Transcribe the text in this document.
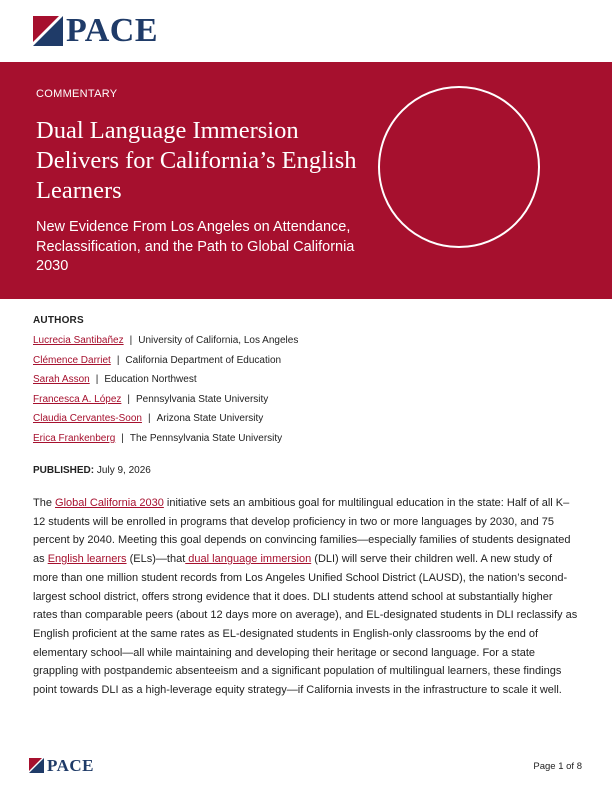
PACE
COMMENTARY
Dual Language Immersion Delivers for California’s English Learners

New Evidence From Los Angeles on Attendance, Reclassification, and the Path to Global California 2030

AUTHORS
Lucrecia Santibañez | University of California, Los Angeles
Clémence Darriet | California Department of Education
Sarah Asson | Education Northwest
Francesca A. López | Pennsylvania State University
Claudia Cervantes-Soon | Arizona State University
Erica Frankenberg | The Pennsylvania State University
PUBLISHED: July 9, 2026

The Global California 2030 initiative sets an ambitious goal for multilingual education in the state: Half of all K–12 students will be enrolled in programs that develop proficiency in two or more languages by 2030, and 75 percent by 2040. Meeting this goal depends on convincing families—especially families of students designated as English learners (ELs)—that dual language immersion (DLI) will serve their children well. A new study of more than one million student records from Los Angeles Unified School District (LAUSD), the nation’s second-largest school district, offers strong evidence that it does. DLI students attend school at substantially higher rates than comparable peers (about 12 days more on average), and EL-designated students in DLI reclassify as English proficient at the same rates as EL-designated students in English-only classrooms by the end of elementary school—all while maintaining and developing their heritage or second language. For a state grappling with postpandemic absenteeism and a significant population of multilingual learners, these findings point towards DLI as a high-leverage equity strategy—if California invests in the infrastructure to scale it well.

PACE	Page 1 of 8
